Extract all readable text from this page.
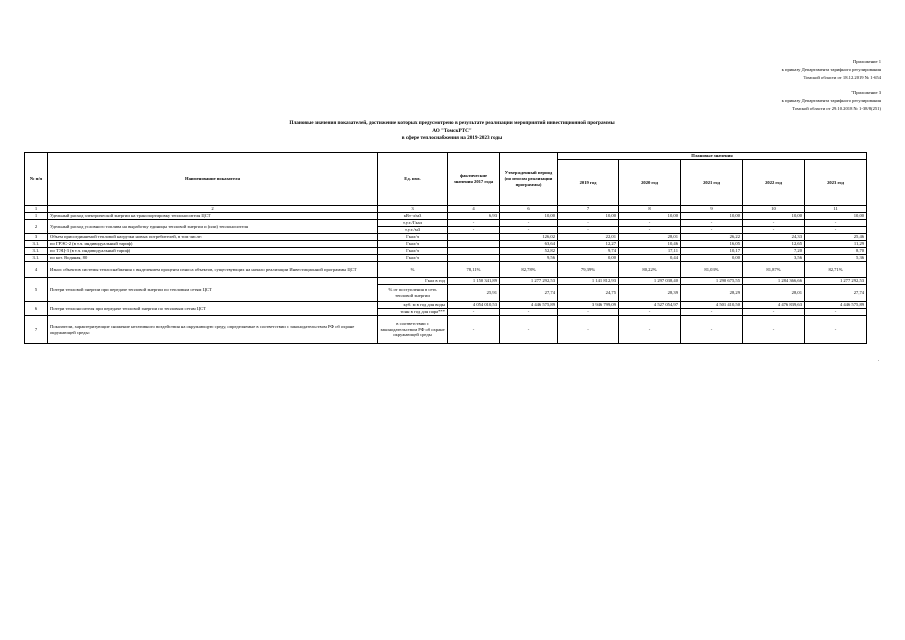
Приложение 1
к приказу Департамента тарифного регулирования
Томской области от 18.12.2019 № 1-654
"Приложение 3
к приказу Департамента тарифного регулирования
Томской области от 29.10.2018 № 1-38/8(251)
Плановые значения показателей, достижение которых предусмотрено в результате реализации мероприятий инвестиционной программы
АО "ТомскРТС"
в сфере теплоснабжения на 2019-2023 годы
№ п/п	Наименование показателя	Ед. изм.	фактические значения 2017 года	Утвержденный период (по итогам реализации программы)	Плановые значения				
					2019 год	2020 год	2021 год	2022 год	2023 год
1	2	3	4	6	7	8	9	10	11
1	Удельный расход электрической энергии на транспортировку теплоносителя ЦСТ	кВт·ч/м3	6,93	10,00	10,00	10,00	10,00	10,00	10,00
2	Удельный расход условного топлива на выработку единицы тепловой энергии и (или) теплоносителя	т.у.т./Гкал	-	-	-	-	-	-	-
		т.у.т./м3	-	-	-	-	-	-	-
3	Объем присоединяемой тепловой нагрузки новых потребителей, в том числе:	Гкал/ч		126,02	22,01	28,01	26,22	24,33	25,46
3.1.	по ГРЭС-2 (в т.ч. индивидуальный тариф)	Гкал/ч		63,64	12,27	10,46	16,05	12,65	11,29
3.1.	по ТЭЦ-3 (в т.ч. индивидуальный тариф)	Гкал/ч		52,82	9,74	17,11	10,17	7,20	8,70
3.1.	по кот. Водяная, 80	Гкал/ч		9,56	0,00	0,44	0,00	3,56	5,36
4	Износ объектов системы теплоснабжения с выделением процента износа объектов, существующих на начало реализации Инвестиционной программы ЦСТ	%	78,11%	82,78%	79,39%	80,22%	81,03%	81,87%	82,71%
5	Потери тепловой энергии при передаче тепловой энергии по тепловым сетям ЦСТ	Гкал в год	1 150 341,89	1 277 292,53	1 141 812,93	1 297 038,40	1 290 675,55	1 284 366,66	1 277 292,53
		% от поступления в сеть тепловой энергии	25,91	27,74	24,75	28,39	28,29	28,01	27,74
6	Потери теплоносителя при передаче тепловой энергии по тепловым сетям ЦСТ	куб. м в год для воды	4 054 010,53	4 446 575,89	3 946 799,09	4 527 054,97	4 501 410,50	4 476 839,63	4 446 575,89
		тонн в год для пара***	-	-	-	-	-	-	-
7	Показатели, характеризующие снижение негативного воздействия на окружающую среду, определяемые в соответствии с законодательством РФ об охране окружающей среды:	в соответствии с законодательством РФ об охране окружающей среды	-	-	-	-	-	-	-
.
